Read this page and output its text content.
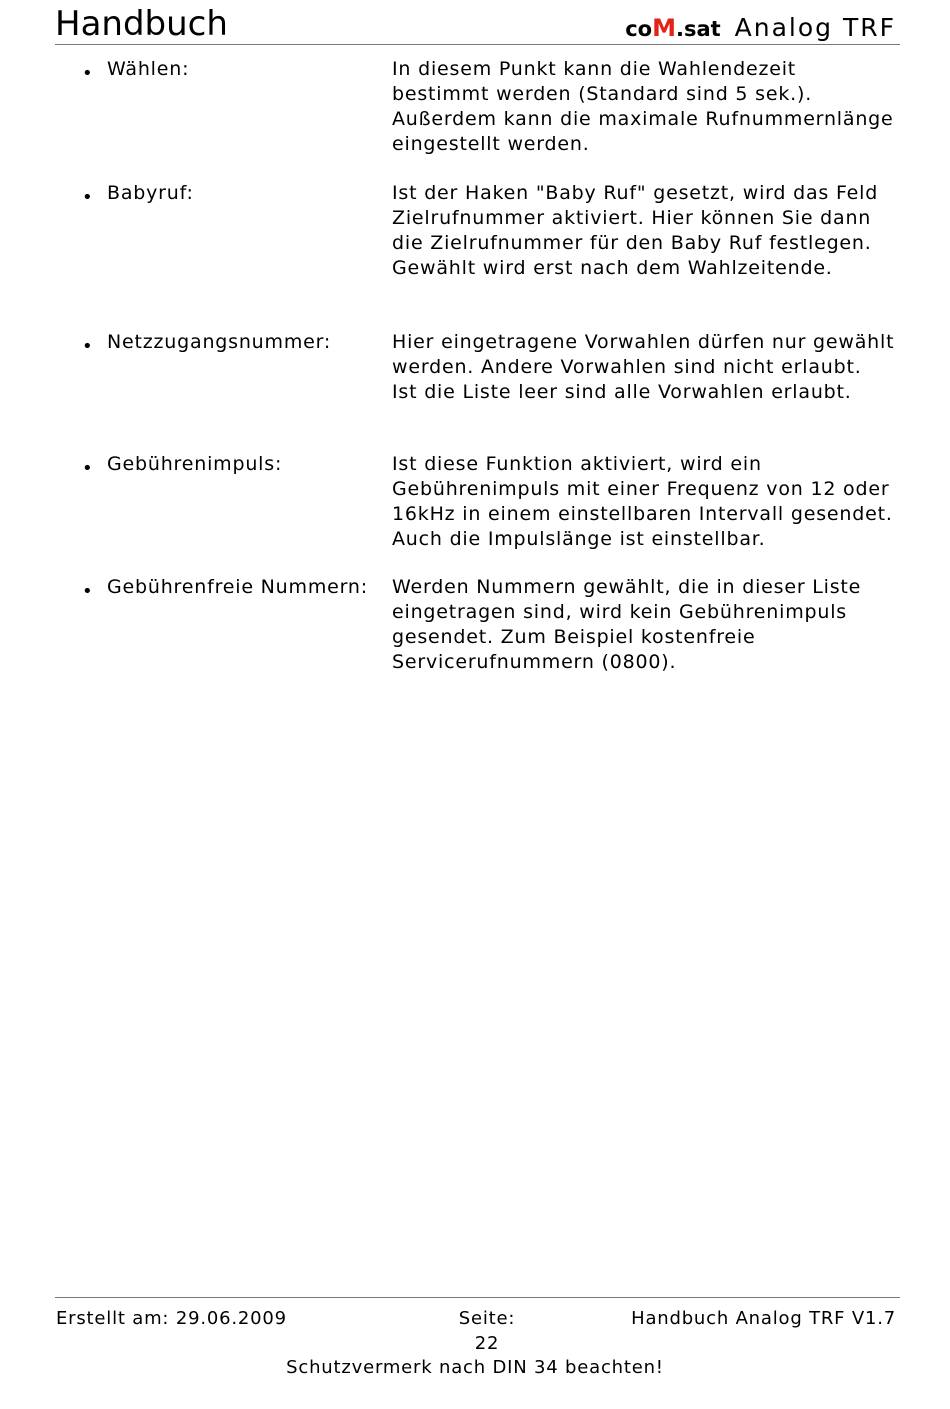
Handbuch	coM.sat Analog TRF
• Wählen:	In diesem Punkt kann die Wahlendezeit
bestimmt werden (Standard sind 5 sek.).
Außerdem kann die maximale Rufnummernlänge
eingestellt werden.
• Babyruf:	Ist der Haken "Baby Ruf" gesetzt, wird das Feld
Zielrufnummer aktiviert. Hier können Sie dann
die Zielrufnummer für den Baby Ruf festlegen.
Gewählt wird erst nach dem Wahlzeitende.
• Netzzugangsnummer:	Hier eingetragene Vorwahlen dürfen nur gewählt
werden. Andere Vorwahlen sind nicht erlaubt.
Ist die Liste leer sind alle Vorwahlen erlaubt.
• Gebührenimpuls:	Ist diese Funktion aktiviert, wird ein
Gebührenimpuls mit einer Frequenz von 12 oder
16kHz in einem einstellbaren Intervall gesendet.
Auch die Impulslänge ist einstellbar.
• Gebührenfreie Nummern: Werden Nummern gewählt, die in dieser Liste
eingetragen sind, wird kein Gebührenimpuls
gesendet. Zum Beispiel kostenfreie
Servicerufnummern (0800).
Erstellt am: 29.06.2009	Seite:
22
Handbuch Analog TRF V1.7
Schutzvermerk nach DIN 34 beachten!
